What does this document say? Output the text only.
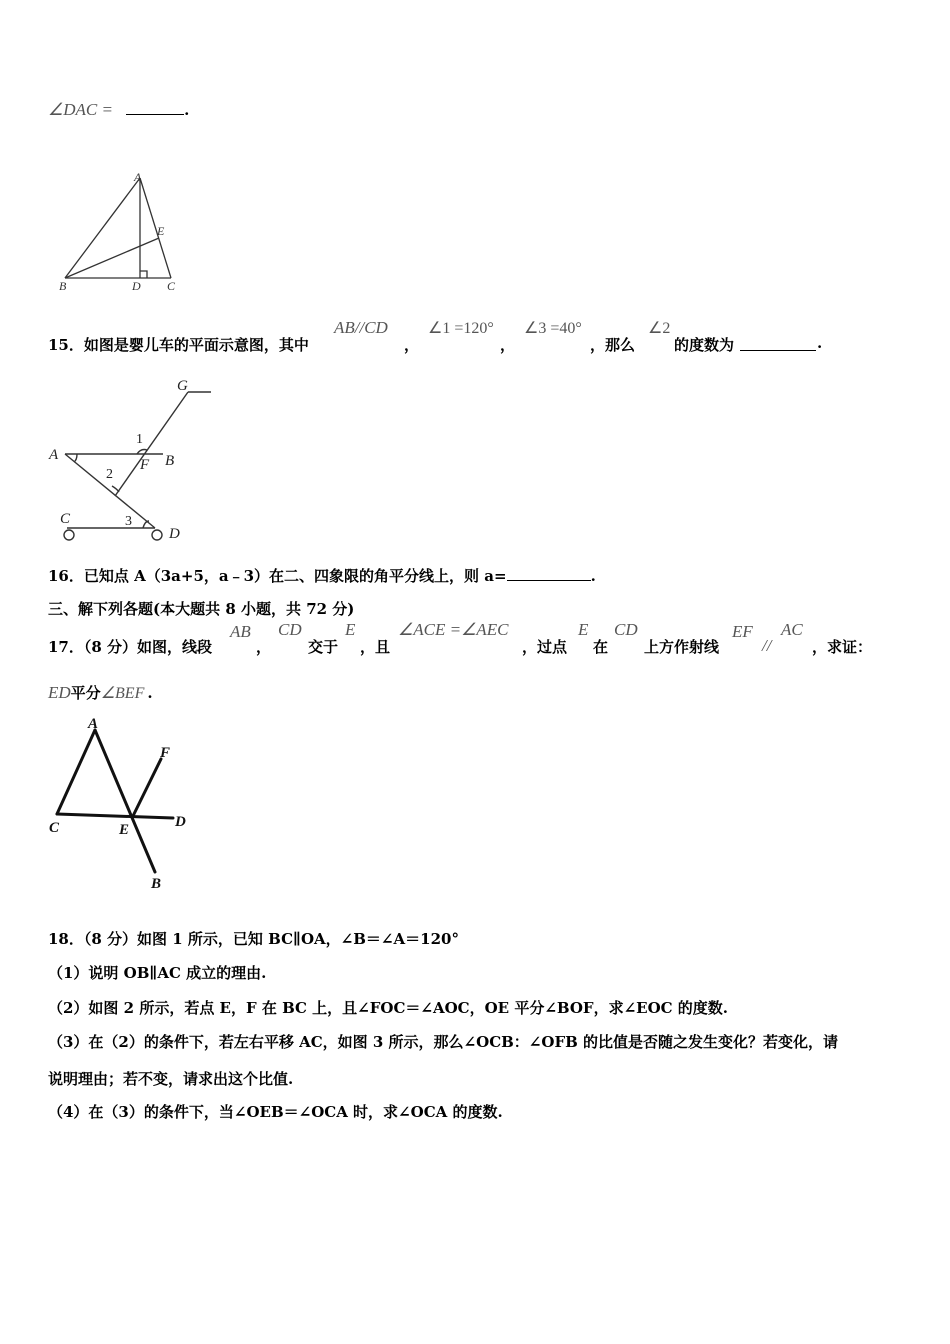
∠DAC =	.
A
B	C
D
E
15．如图是婴儿车的平面示意图，其中
AB//CD
，
∠1 =120°
，
∠3 =40°
，那么
∠2
的度数为	.
G
A	B
F
C
D
1
2
3
16．已知点 A（3a+5，a﹣3）在二、四象限的角平分线上，则 a=	.
三、解下列各题(本大题共 8 小题，共 72 分)
17．（8 分）如图，线段
AB
，
CD
交于
E
，且
∠ACE =∠AEC
，过点
E
在
CD
上方作射线
EF
//
AC
，求证：
ED平分∠BEF .
A
F
C	E	D
B
18．（8 分）如图 1 所示，已知 BC∥OA，∠B＝∠A＝120°
（1）说明 OB∥AC 成立的理由.
（2）如图 2 所示，若点 E，F 在 BC 上，且∠FOC＝∠AOC，OE 平分∠BOF，求∠EOC 的度数.
（3）在（2）的条件下，若左右平移 AC，如图 3 所示，那么∠OCB：∠OFB 的比值是否随之发生变化？若变化，请
说明理由；若不变，请求出这个比值.
（4）在（3）的条件下，当∠OEB＝∠OCA 时，求∠OCA 的度数.
